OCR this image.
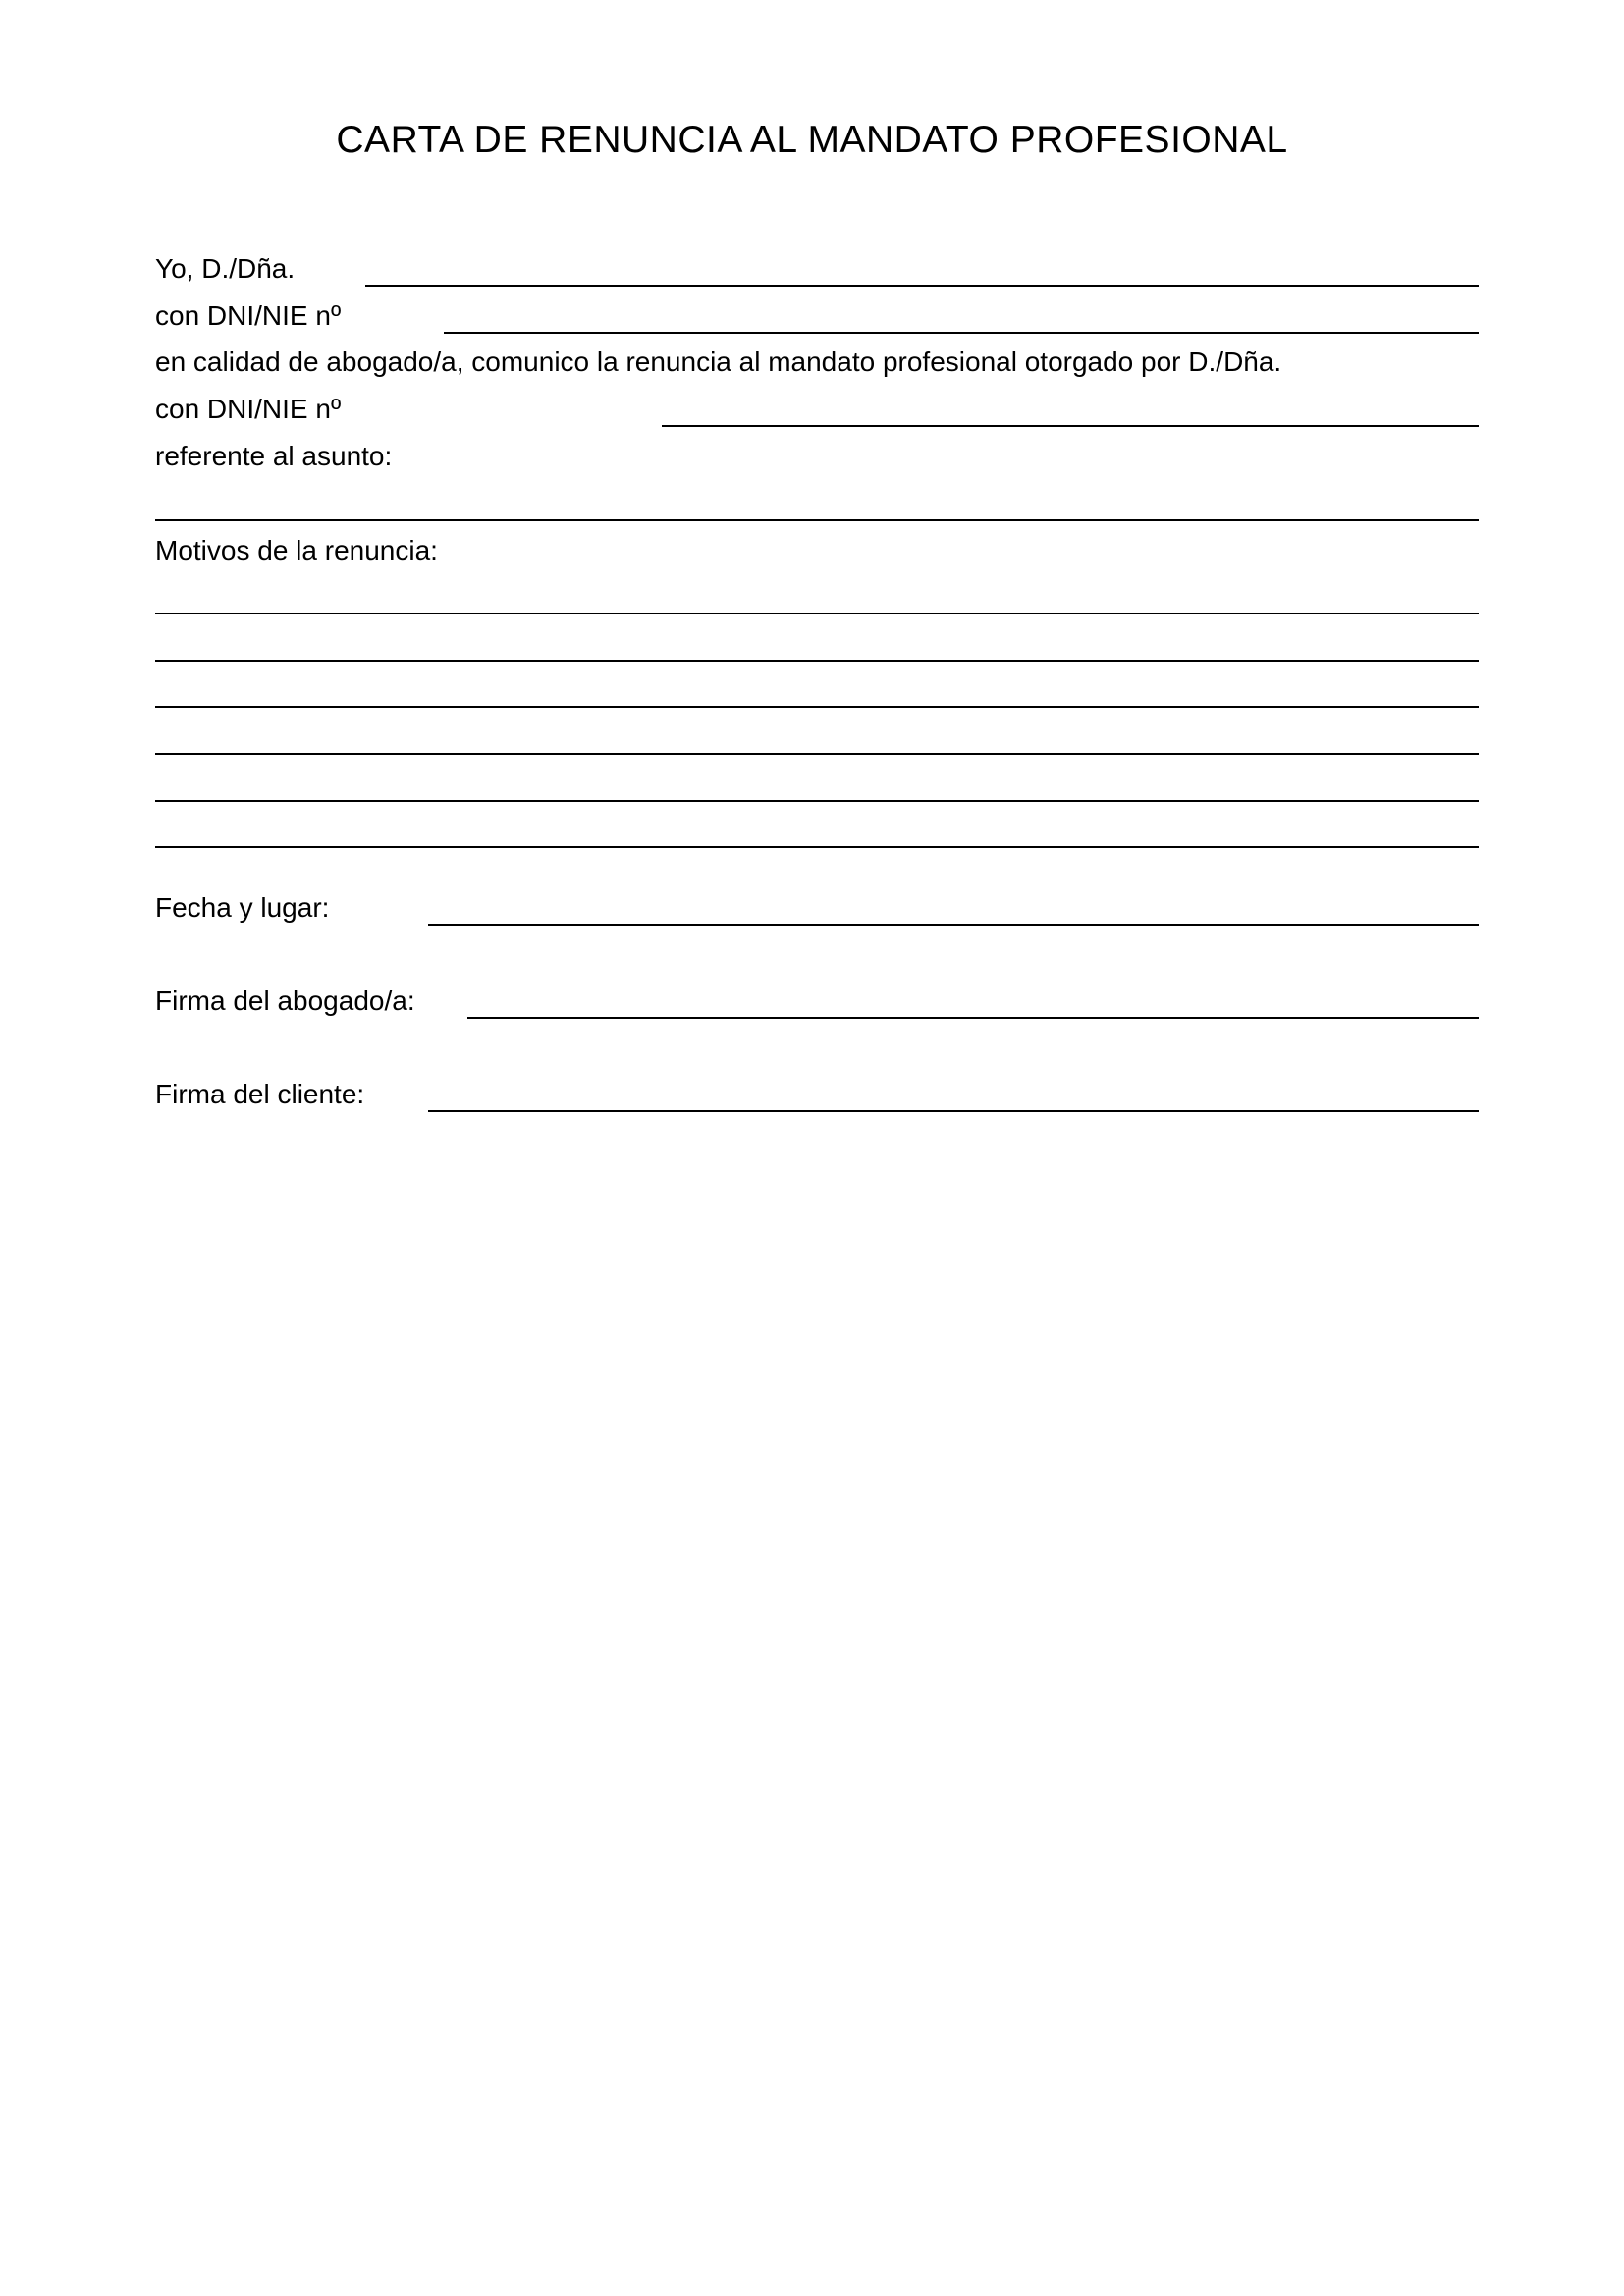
CARTA DE RENUNCIA AL MANDATO PROFESIONAL
Yo, D./Dña.
con DNI/NIE nº
en calidad de abogado/a, comunico la renuncia al mandato profesional otorgado por D./Dña.
con DNI/NIE nº
referente al asunto:
Motivos de la renuncia:
Fecha y lugar:
Firma del abogado/a:
Firma del cliente:
